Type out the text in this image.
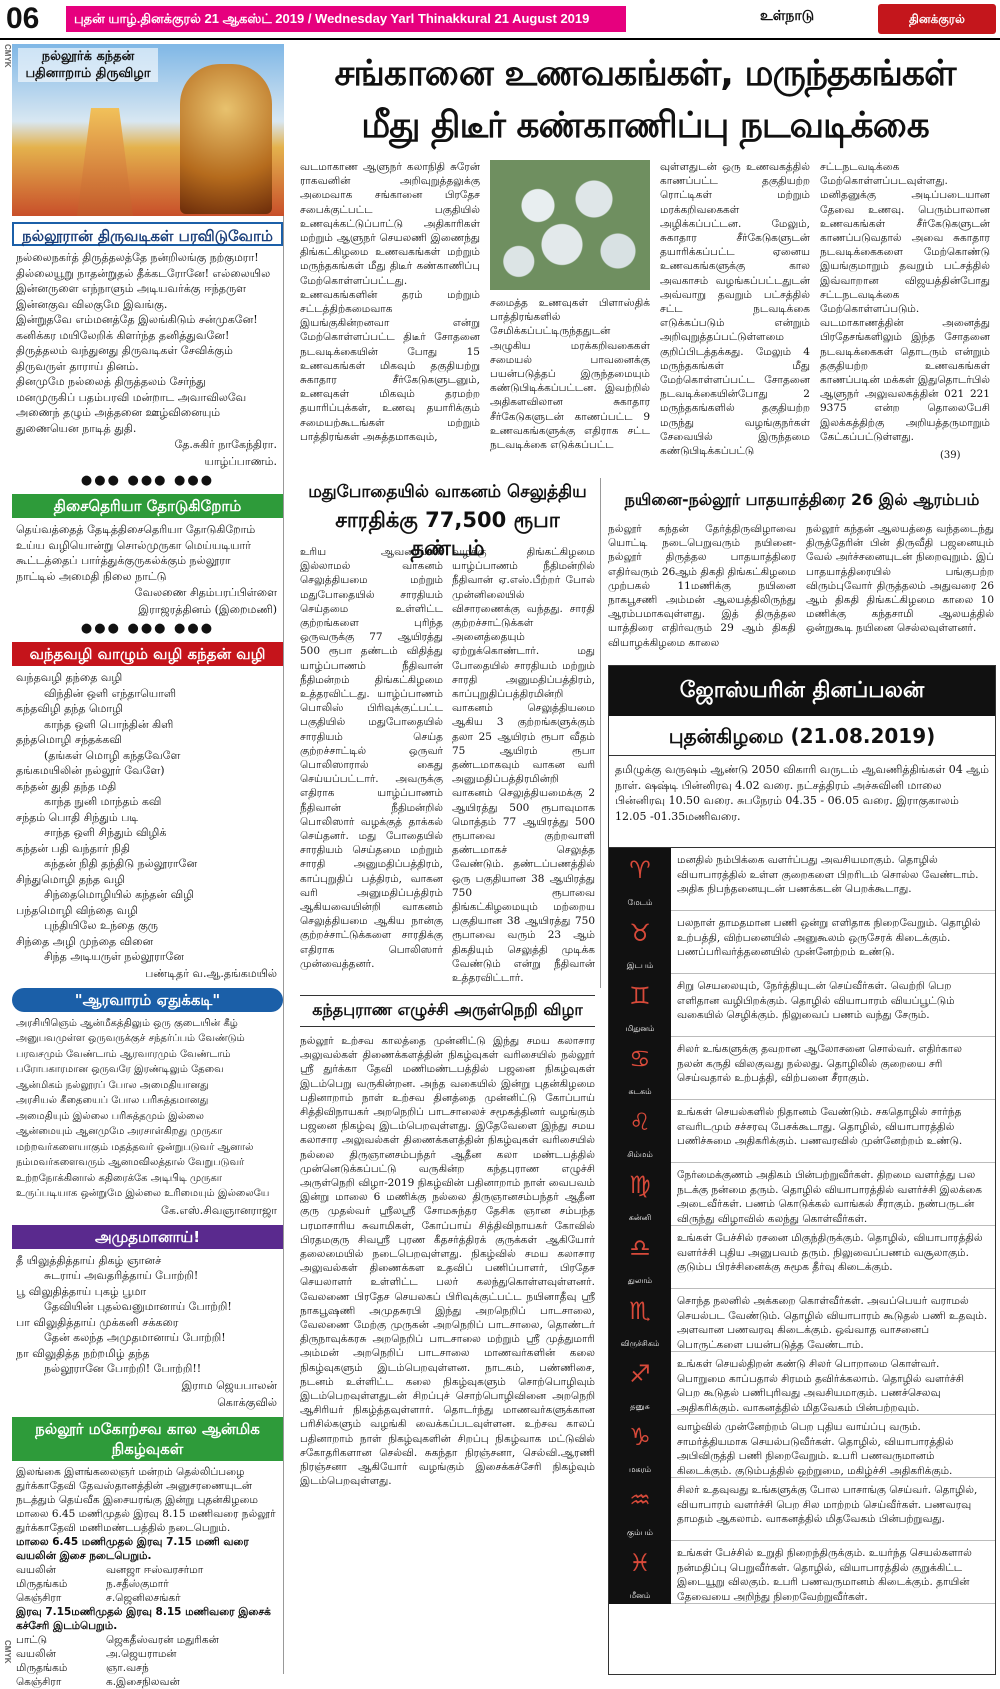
06	புதன் யாழ்.தினக்குரல் 21 ஆகஸ்ட் 2019 / Wednesday Yarl Thinakkural 21 August 2019	உள்நாடு	தினக்குரல்
CMYK
CMYK
நல்லூர்க் கந்தன் பதினாறாம் திருவிழா
நல்லூரான் திருவடிகள் பரவிடுவோம்

நல்லைநகர்த் திருத்தலத்தே நன்றிலங்கு நற்குமரா!

தில்லையூறு நாதன்றுதல் தீக்கடரோனே! எல்லையில

இன்னருளை எந்நாளும் அடியவர்க்கு ஈந்தருள

இன்னகுவ விலகுமே இவங்கு.

இன்றுதவே எம்மனத்தே இலங்கிடும் சன்முகனே!

கனிக்கர மயிலேறிக் கிளர்ந்த தனித்துவனே!

திருத்தலம் வந்துனது திருவடிகள் சேவிக்கும்

திருவருள் தாராய் தினம்.

தினமுமே நல்லைத் திருத்தலம் சேர்ந்து

மனமுருகிப் பதம்பரவி மன்றாட அவாவிலவே

அணைந் தழும் அத்தனை ஊழ்வினையும்

துணையென நாடித் துதி.

தே.சுகிர் நாகேந்திரா.
யாழ்ப்பாணம்.
●●● ●●● ●●●
திசைதெரியா தோடுகிறோம்

தெய்வத்தைத் தேடித்திசைதெரியா தோடுகிறோம்

உய்ய வழியொன்று சொல்முருகா மெய்யடியார்

கூட்டத்தைப் பார்த்துக்குருகல்க்கும் நல்லூரா

நாட்டில் அமைதி நிலை நாட்டு

வேலணை சிதம்பரப்பிள்ளை
இராஜரத்தினம் (இறைமணி)
●●● ●●● ●●●
வந்தவழி வாழும் வழி கந்தன் வழி

வந்தவழி தந்தை வழி

விந்தின் ஒளி எந்தாயொளி

கந்தவிழி தந்த மொழி

காந்த ஒளி பொந்தின் கிளி

தந்தமொழி சந்தக்கவி

(தங்கள் மொழி கந்தவேளே

தங்கமயிலின் நல்லூர் வேளே)

கந்தன் துதி தந்த மதி

காந்த நுனி மாந்தம் கவி

சந்தம் பொதி சிந்தும் படி

சாந்த ஒளி சிந்தும் விழிக்

கந்தன் பதி வந்தார் நிதி

கந்தன் நிதி தந்திடு நல்லூரானே

சிந்துமொழி தந்த வழி

சிந்தைமொழியில் கந்தன் விழி

பந்தமொழி விந்தை வழி

புந்தியிலே உந்தை குரு

சிந்தை அழி முந்தை வினை

சிந்த அடியருள் நல்லூரானே

பண்டிதர் வ.ஆ.தங்கமயில்
"ஆரவாரம் ஏதுக்கடி"

அரசியிஞெம் ஆன்மீகத்திலும் ஒரு குடையின் கீழ்

அனுபவமுள்ள ஒருவருக்குச் சந்தர்ப்பம் வேண்டும்

பரவசமும் வேண்டாம் ஆரவாரமும் வேண்டாம்

பரோபகாரமான ஒருவரே இரண்டிலும் தேவை

ஆன்மிகம் நல்லூரப் போல அமைதியானது

அரசியல் கீதையைப் போல பரிசுத்தமானது

அமைதியும் இல்லை பரிசுத்தமும் இல்லை

ஆன்மையும் ஆனமுமே அரசாள்கிறது முருகா

மற்றவர்களையாகும் மதத்தவர் ஒன்றுபடுவர் ஆனால்

நம்மவர்களைவரும் ஆனமவிலத்தால் வேறுபடுவர்

உற்றநோக்கினால் கதிரைக்கே அடிபிடி முருகா

உருப்படியாக ஒன்றுமே இல்லை உரிமையும் இல்லையே

கே.எஸ்.சிவஞானராஜா
அமுதமானாய்!

தீ யிலுத்தித்தாய் திகழ் ஞானச்

சுடராய் அவதரித்தாய் போற்றி!

பூ விலுதித்தாய் புகழ் பூமா

தேவியின் புதல்வனுமானாய் போற்றி!

பா விலுதித்தாய் முக்கனி சக்கரை

தேன் கலந்த அமுதமானாய் போற்றி!

நா விலுதித்த நற்றமிழ் தந்த

நல்லூரானே போற்றி! போற்றி!!

இராம ஜெயபாலன்
கொக்குவில்
நல்லூர் மகோற்சவ கால ஆன்மிக நிகழ்வுகள்

இலங்கை இளங்கலைஞர் மன்றம் தெல்லிப்பழை துர்க்காதேவி தேவஸ்தானத்தின் அனுசரணையுடன் நடத்தும் தெய்வீக இசையரங்கு இன்று புதன்கிழமை மாலை 6.45 மணிமுதல் இரவு 8.15 மணிவரை நல்லூர் துர்க்காதேவி மணிமண்டபத்தில் நடைபெறும்.

மாலை 6.45 மணிமுதல் இரவு 7.15 மணி வரை வயலின் இசை நடைபெறும்.

வயலின்	வனஜா ஈஸ்வரசர்மா
மிருதங்கம்	ந.சதீஸ்குமார்
கெஞ்சிரா	ச.ஜெனிலசங்கர்

இரவு 7.15மணிமுதல் இரவு 8.15 மணிவரை இசைக் கச்சேரி இடம்பெறும்.

பாட்டு	ஜெகதீஸ்வரன் மதுரிகன்
வயலின்	அ.ஜெயராமன்
மிருதங்கம்	ஞா.வசந்
கெஞ்சிரா	க.இசைநிலவன்
சங்கானை உணவகங்கள், மருந்தகங்கள்
மீது திடீர் கண்காணிப்பு நடவடிக்கை
வடமாகாண ஆளுநர் கலாநிதி சுரேன் ராகவனின் அறிவுறுத்தலுக்கு அமைவாக சங்கானை பிரதேச சபைக்குட்பட்ட பகுதியில் உணவுக்கட்டுப்பாட்டு அதிகாரிகள் மற்றும் ஆளுநர் செயலணி இணைந்து திங்கட்கிழமை உணவகங்கள் மற்றும் மருந்தகங்கள் மீது திடீர் கண்காணிப்பு மேற்கொள்ளப்பட்டது. உணவகங்களின் தரம் மற்றும் சட்டத்திற்கமைவாக இயங்குகின்றனவா என்று மேற்கொள்ளப்பட்ட திடீர் சோதனை நடவடிக்கையின் போது 15 உணவகங்கள் மிகவும் தகுதியற்று சுகாதார சீர்கேடுகளுடனும், உணவுகள் மிகவும் தரமற்ற தயாரிப்புக்கள், உணவு தயாரிக்கும் சமையற்கூடங்கள் மற்றும் பாத்திரங்கள் அசுத்தமாகவும்,
சமைத்த உணவுகள் பிளாஸ்திக் பாத்திரங்களில் சேமிக்கப்பட்டிருந்ததுடன் அழுகிய மரக்கறிவகைகள் சமையல் பாவனைக்கு பயன்படுத்தப் இருந்தமையும் கண்டுபிடிக்கப்பட்டன. இவற்றில் அதிகளவிலான சுகாதார சீர்கேடுகளுடன் காணப்பட்ட 9 உணவகங்களுக்கு எதிராக சட்ட நடவடிக்கை எடுக்கப்பட்ட
வுள்ளதுடன் ஒரு உணவகத்தில் காணப்பட்ட தகுதியற்ற ரொட்டிகள் மற்றும் மரக்கறிவகைகள் அழிக்கப்பட்டன. மேலும், சுகாதார சீர்கேடுகளுடன் தயாரிக்கப்பட்ட ஏனைய உணவகங்களுக்கு கால அவகாசம் வழங்கப்பட்டதுடன் அவ்வாறு தவறும் பட்சத்தில் சட்ட நடவடிக்கை எடுக்கப்படும் என்றும் அறிவுறுத்தப்பட்டுள்ளமை குறிப்பிடத்தக்கது. மேலும் 4 மருந்தகங்கள் மீது மேற்கொள்ளப்பட்ட சோதனை நடவடிக்கையின்போது 2 மருந்தகங்களில் தகுதியற்ற மருந்து வழங்குநர்கள் சேவையில் இருந்தமை கண்டுபிடிக்கப்பட்டு
சட்டநடவடிக்கை மேற்கொள்ளப்படவுள்ளது. மனிதனுக்கு அடிப்படையான தேவை உணவு. பெரும்பாலான உணவகங்கள் சீர்கேடுகளுடன் காணப்படுவதால் அவை சுகாதார நடவடிக்கைகளை மேற்கொண்டு இயங்குமாறும் தவறும் பட்சத்தில் இவ்வாறான விஜயத்தின்போது சட்டநடவடிக்கை மேற்கொள்ளப்படும். வடமாகாணத்தின் அனைத்து பிரதேசங்களிலும் இந்த சோதனை நடவடிக்கைகள் தொடரும் என்றும் தகுதியற்ற உணவகங்கள் காணப்படின் மக்கள் இதுதொடர்பில் ஆளுநர் அலுவலகத்தின் 021 221 9375 என்ற தொலைபேசி இலக்கத்திற்கு அறியத்தருமாறும் கேட்கப்பட்டுள்ளது.
(39)
மதுபோதையில் வாகனம் செலுத்திய
சாரதிக்கு 77,500 ரூபா தண்டம்
உரிய ஆவணங்கள் இல்லாமல் வாகனம் செலுத்தியமை மற்றும் மதுபோதையில் சாரதியம் செய்தமை உள்ளிட்ட குற்றங்களை புரிந்த ஒருவருக்கு 77 ஆயிரத்து 500 ரூபா தண்டம் விதித்து யாழ்ப்பாணம் நீதிவான் நீதிமன்றம் திங்கட்கிழமை உத்தரவிட்டது. யாழ்ப்பாணம் பொலிஸ் பிரிவுக்குட்பட்ட பகுதியில் மதுபோதையில் சாரதியம் செய்த குற்றச்சாட்டில் ஒருவர் பொலிஸாரால் கைது செய்யப்பட்டார். அவருக்கு எதிராக யாழ்ப்பாணம் நீதிவான் நீதிமன்றில் பொலிஸார் வழக்குத் தாக்கல் செய்தனர். மது போதையில் சாரதியம் செய்தமை மற்றும் சாரதி அனுமதிப்பத்திரம், காப்புறுதிப் பத்திரம், வாகன வரி அனுமதிப்பத்திரம் ஆகியவையின்றி வாகனம் செலுத்தியமை ஆகிய நான்கு குற்றச்சாட்டுக்களை சாரதிக்கு எதிராக பொலிஸார் முன்வைத்தனர்.
வழக்கு திங்கட்கிழமை யாழ்ப்பாணம் நீதிமன்றில் நீதிவான் ஏ.எஸ்.பீற்றர் போல் முன்னிலையில் விசாரணைக்கு வந்தது. சாரதி குற்றச்சாட்டுக்கள் அனைத்தையும் ஏற்றுக்கொண்டார். மது போதையில் சாரதியம் மற்றும் சாரதி அனுமதிப்பத்திரம், காப்புறுதிப்பத்திரமின்றி வாகனம் செலுத்தியமை ஆகிய 3 குற்றங்களுக்கும் தலா 25 ஆயிரம் ரூபா வீதம் 75 ஆயிரம் ரூபா தண்டமாகவும் வாகன வரி அனுமதிப்பத்திரமின்றி வாகனம் செலுத்தியமைக்கு 2 ஆயிரத்து 500 ரூபாவுமாக மொத்தம் 77 ஆயிரத்து 500 ரூபாவை குற்றவாளி தண்டமாகச் செலுத்த வேண்டும். தண்டப்பணத்தில் ஒரு பகுதியான 38 ஆயிரத்து 750 ரூபாவை திங்கட்கிழமையும் மற்றைய பகுதியான 38 ஆயிரத்து 750 ரூபாவை வரும் 23 ஆம் திகதியும் செலுத்தி முடிக்க வேண்டும் என்று நீதிவான் உத்தரவிட்டார்.
நயினை-நல்லூர் பாதயாத்திரை 26 இல் ஆரம்பம்
நல்லூர் கந்தன் தேர்த்திருவிழாவை யொட்டி நடைபெறுவரும் நயினை-நல்லூர் திருத்தல பாதயாத்திரை எதிர்வரும் 26ஆம் திகதி திங்கட்கிழமை முற்பகல் 11மணிக்கு நயினை நாகபூசணி அம்மன் ஆலயத்திலிருந்து ஆரம்பமாகவுள்ளது. இத் திருத்தல யாத்திரை எதிர்வரும் 29 ஆம் திகதி வியாழக்கிழமை காலை
நல்லூர் கந்தன் ஆலயத்தை வந்தடைந்து திருத்தேரின் பின் திருவீதி பஜனையும் வேல் அர்ச்சனையுடன் நிறைவுறும். இப் பாதயாத்திரையில் பங்குபற்ற விரும்புவோர் திருத்தலம் அதுவரை 26 ஆம் திகதி திங்கட்கிழமை காலை 10 மணிக்கு கந்தசாமி ஆலயத்தில் ஒன்றுகூடி நயினை செல்லவுள்ளனர்.
கந்தபுராண எழுச்சி அருள்நெறி விழா
நல்லூர் உற்சவ காலத்தை முன்னிட்டு இந்து சமய கலாசார அலுவல்கள் திணைக்களத்தின் நிகழ்வுகள் வரிசையில் நல்லூர் ஸ்ரீ துர்க்கா தேவி மணிமண்டபத்தில் பஜனை நிகழ்வுகள் இடம்பெறு வருகின்றன. அந்த வகையில் இன்று புதன்கிழமை பதினாறாம் நாள் உற்சவ தினத்தை முன்னிட்டு கோப்பாய் சித்திவிநாயகர் அறநெறிப் பாடசாலைச் சமூகத்தினர் வழங்கும் பஜனை நிகழ்வு இடம்பெறவுள்ளது. இதேவேளை இந்து சமய கலாசார அலுவல்கள் திணைக்களத்தின் நிகழ்வுகள் வரிசையில் நல்லை திருஞானசம்பந்தர் ஆதீன கலா மண்டபத்தில் முன்னெடுக்கப்பட்டு வருகின்ற கந்தபுராண எழுச்சி அருள்நெறி விழா-2019 நிகழ்வின் பதினாறாம் நாள் வைபவம் இன்று மாலை 6 மணிக்கு நல்லை திருஞானசம்பந்தர் ஆதீன குரு முதல்வர் ஸ்ரீலஸ்ரீ சோமசுந்தர தேசிக ஞான சம்பந்த பரமாசாரிய சுவாமிகள், கோப்பாய் சித்திவிநாயகர் கோவில் பிரதமகுரு சிவஸ்ரீ புரண கீதசர்த்திரக் குருக்கள் ஆகியோர் தலைமையில் நடைபெறவுள்ளது. நிகழ்வில் சமய கலாசார அலுவல்கள் திணைக்கள உதவிப் பணிப்பாளர், பிரதேச செயலாளர் உள்ளிட்ட பலர் கலந்துகொள்ளவுள்ளனர். வேலணை பிரதேச செயலகப் பிரிவுக்குட்பட்ட நயினாதீவு ஸ்ரீ நாகபூஷணி அமுதசுரபி இந்து அறநெறிப் பாடசாலை, வேலணை மேற்கு முருகன் அறநெறிப் பாடசாலை, தொண்டர் திருநாவுக்கரசு அறநெறிப் பாடசாலை மற்றும் ஸ்ரீ முத்துமாரி அம்மன் அறநெறிப் பாடசாலை மாணவர்களின் கலை நிகழ்வுகளும் இடம்பெறவுள்ளன. நாடகம், பண்ணிசை, நடனம் உள்ளிட்ட கலை நிகழ்வுகளும் சொற்பொழிவும் இடம்பெறவுள்ளதுடன் சிறப்புச் சொற்பொழிவினை அறநெறி ஆசிரியர் நிகழ்த்தவுள்ளார். தொடர்ந்து மாணவர்களுக்கான பரிசில்களும் வழங்கி வைக்கப்படவுள்ளன. உற்சவ காலப் பதினாறாம் நாள் நிகழ்வுகளின் சிறப்பு நிகழ்வாக மட்டுவில் சகோதரிகளான செல்வி. சுகந்தா நிரஞ்சனா, செல்வி.ஆரணி நிரஞ்சனா ஆகியோர் வழங்கும் இசைக்கச்சேரி நிகழ்வும் இடம்பெறவுள்ளது.
ஜோஸ்யரின் தினப்பலன்
புதன்கிழமை (21.08.2019)
தமிழுக்கு வருஷம் ஆண்டு 2050 விகாரி வருடம் ஆவணித்திங்கள் 04 ஆம் நாள். ஷஷ்டி பின்னிரவு 4.02 வரை. நட்சத்திரம் அச்சுவினி மாலை பின்னிரவு 10.50 வரை. சுபநேரம் 04.35 - 06.05 வரை. இராகுகாலம் 12.05 -01.35மணிவரை.
♈
மேடம்
மனதில் நம்பிக்கை வளர்ப்பது அவசியமாகும். தொழில் வியாபாரத்தில் உள்ள குறைகளை பிறரிடம் சொல்ல வேண்டாம். அதிக நிபந்தனையுடன் பணக்கடன் பெறக்கூடாது.
♉
இடபம்
பலநாள் தாமதமான பணி ஒன்று எளிதாக நிறைவேறும். தொழில் உற்பத்தி, விற்பனையில் அனுகூலம் ஒருசேரக் கிடைக்கும். பணப்பரிவர்த்தனையில் முன்னேற்றம் உண்டு.
♊
மிதுனம்
சிறு செயலையும், நேர்த்தியுடன் செய்வீர்கள். வெற்றி பெற எளிதான வழிபிறக்கும். தொழில் வியாபாரம் வியப்பூட்டும் வகையில் செழிக்கும். நிலுவைப் பணம் வந்து சேரும்.
♋
கடகம்
சிலர் உங்களுக்கு தவறான ஆலோசனை சொல்வர். எதிர்கால நலன் கருதி விலகுவது நல்லது. தொழிலில் குறையை சரி செய்வதால் உற்பத்தி, விற்பனை சீராகும்.
♌
சிம்மம்
உங்கள் செயல்களில் நிதானம் வேண்டும். சகதொழில் சார்ந்த எவரிடமும் சச்சரவு பேசக்கூடாது. தொழில், வியாபாரத்தில் பணிச்சுமை அதிகரிக்கும். பணவரவில் முன்னேற்றம் உண்டு.
♍
கன்னி
நேர்மைக்குணம் அதிகம் பின்பற்றுவீர்கள். திறமை வளர்த்து பல நடக்கு நன்மை தரும். தொழில் வியாபாரத்தில் வளர்ச்சி இலக்கை அடைவீர்கள். பணம் கொடுக்கல் வாங்கல் சீராகும். நண்பருடன் விருந்து விழாவில் கலந்து கொள்வீர்கள்.
♎
துலாம்
உங்கள் பேச்சில் ரசனை மிகுந்திருக்கும். தொழில், வியாபாரத்தில் வளர்ச்சி புதிய அனுபவம் தரும். நிலுவைப்பணம் வசூலாகும். குடும்ப பிரச்சினைக்கு சுமூக தீர்வு கிடைக்கும்.
♏
விருச்சிகம்
சொந்த நலனில் அக்கறை கொள்வீர்கள். அவப்பெயர் வராமல் செயல்பட வேண்டும். தொழில் வியாபாரம் கூடுதல் பணி உதவும். அளவான பணவரவு கிடைக்கும். ஒவ்வாத வாசனைப் பொருட்களை பயன்படுத்த வேண்டாம்.
♐
தனுசு
உங்கள் செயல்திறன் கண்டு சிலர் பொறாமை கொள்வர். பொறுமை காப்பதால் சிரமம் தவிர்க்கலாம். தொழில் வளர்ச்சி பெற கூடுதல் பணிபுரிவது அவசியமாகும். பணச்செலவு அதிகரிக்கும். வாகனத்தில் மிதவேகம் பின்பற்றவும்.
♑
மகரம்
வாழ்வில் முன்னேற்றம் பெற புதிய வாய்ப்பு வரும். சாமர்த்தியமாக செயல்படுவீர்கள். தொழில், வியாபாரத்தில் அபிவிருத்தி பணி நிறைவேறும். உபரி பணவருமானம் கிடைக்கும். குடும்பத்தில் ஒற்றுமை, மகிழ்ச்சி அதிகரிக்கும்.
♒
கும்பம்
சிலர் உதவுவது உங்களுக்கு போல பாசாங்கு செய்வர். தொழில், வியாபாரம் வளர்ச்சி பெற சில மாற்றம் செய்வீர்கள். பணவரவு தாமதம் ஆகலாம். வாகனத்தில் மிதவேகம் பின்பற்றுவது.
♓
மீனம்
உங்கள் பேச்சில் உறுதி நிறைந்திருக்கும். உயர்ந்த செயல்களால் நன்மதிப்பு பெறுவீர்கள். தொழில், வியாபாரத்தில் குறுக்கிட்ட இடையூறு விலகும். உபரி பணவருமானம் கிடைக்கும். தாயின் தேவையை அறிந்து நிறைவேற்றுவீர்கள்.
